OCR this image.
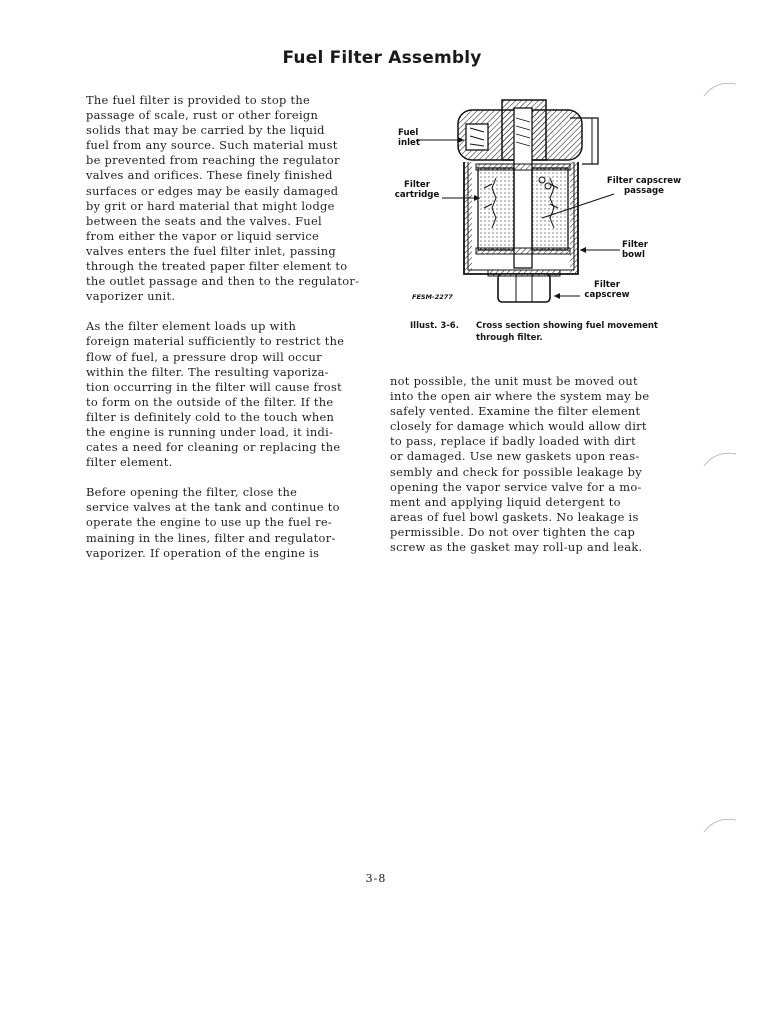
Fuel Filter Assembly

The fuel filter is provided to stop the
passage of scale, rust or other foreign
solids that may be carried by the liquid
fuel from any source. Such material must
be prevented from reaching the regulator
valves and orifices. These finely finished
surfaces or edges may be easily damaged
by grit or hard material that might lodge
between the seats and the valves. Fuel
from either the vapor or liquid service
valves enters the fuel filter inlet, passing
through the treated paper filter element to
the outlet passage and then to the regulator-
vaporizer unit.

As the filter element loads up with
foreign material sufficiently to restrict the
flow of fuel, a pressure drop will occur
within the filter. The resulting vaporiza-
tion occurring in the filter will cause frost
to form on the outside of the filter. If the
filter is definitely cold to the touch when
the engine is running under load, it indi-
cates a need for cleaning or replacing the
filter element.

Before opening the filter, close the
service valves at the tank and continue to
operate the engine to use up the fuel re-
maining in the lines, filter and regulator-
vaporizer. If operation of the engine is

Fuel
inlet
Filter
cartridge
Filter capscrew
passage
Filter
bowl
Filter
capscrew
FESM-2277
Illust. 3-6. Cross section showing fuel movement
through filter.

not possible, the unit must be moved out
into the open air where the system may be
safely vented. Examine the filter element
closely for damage which would allow dirt
to pass, replace if badly loaded with dirt
or damaged. Use new gaskets upon reas-
sembly and check for possible leakage by
opening the vapor service valve for a mo-
ment and applying liquid detergent to
areas of fuel bowl gaskets. No leakage is
permissible. Do not over tighten the cap
screw as the gasket may roll-up and leak.

3-8
